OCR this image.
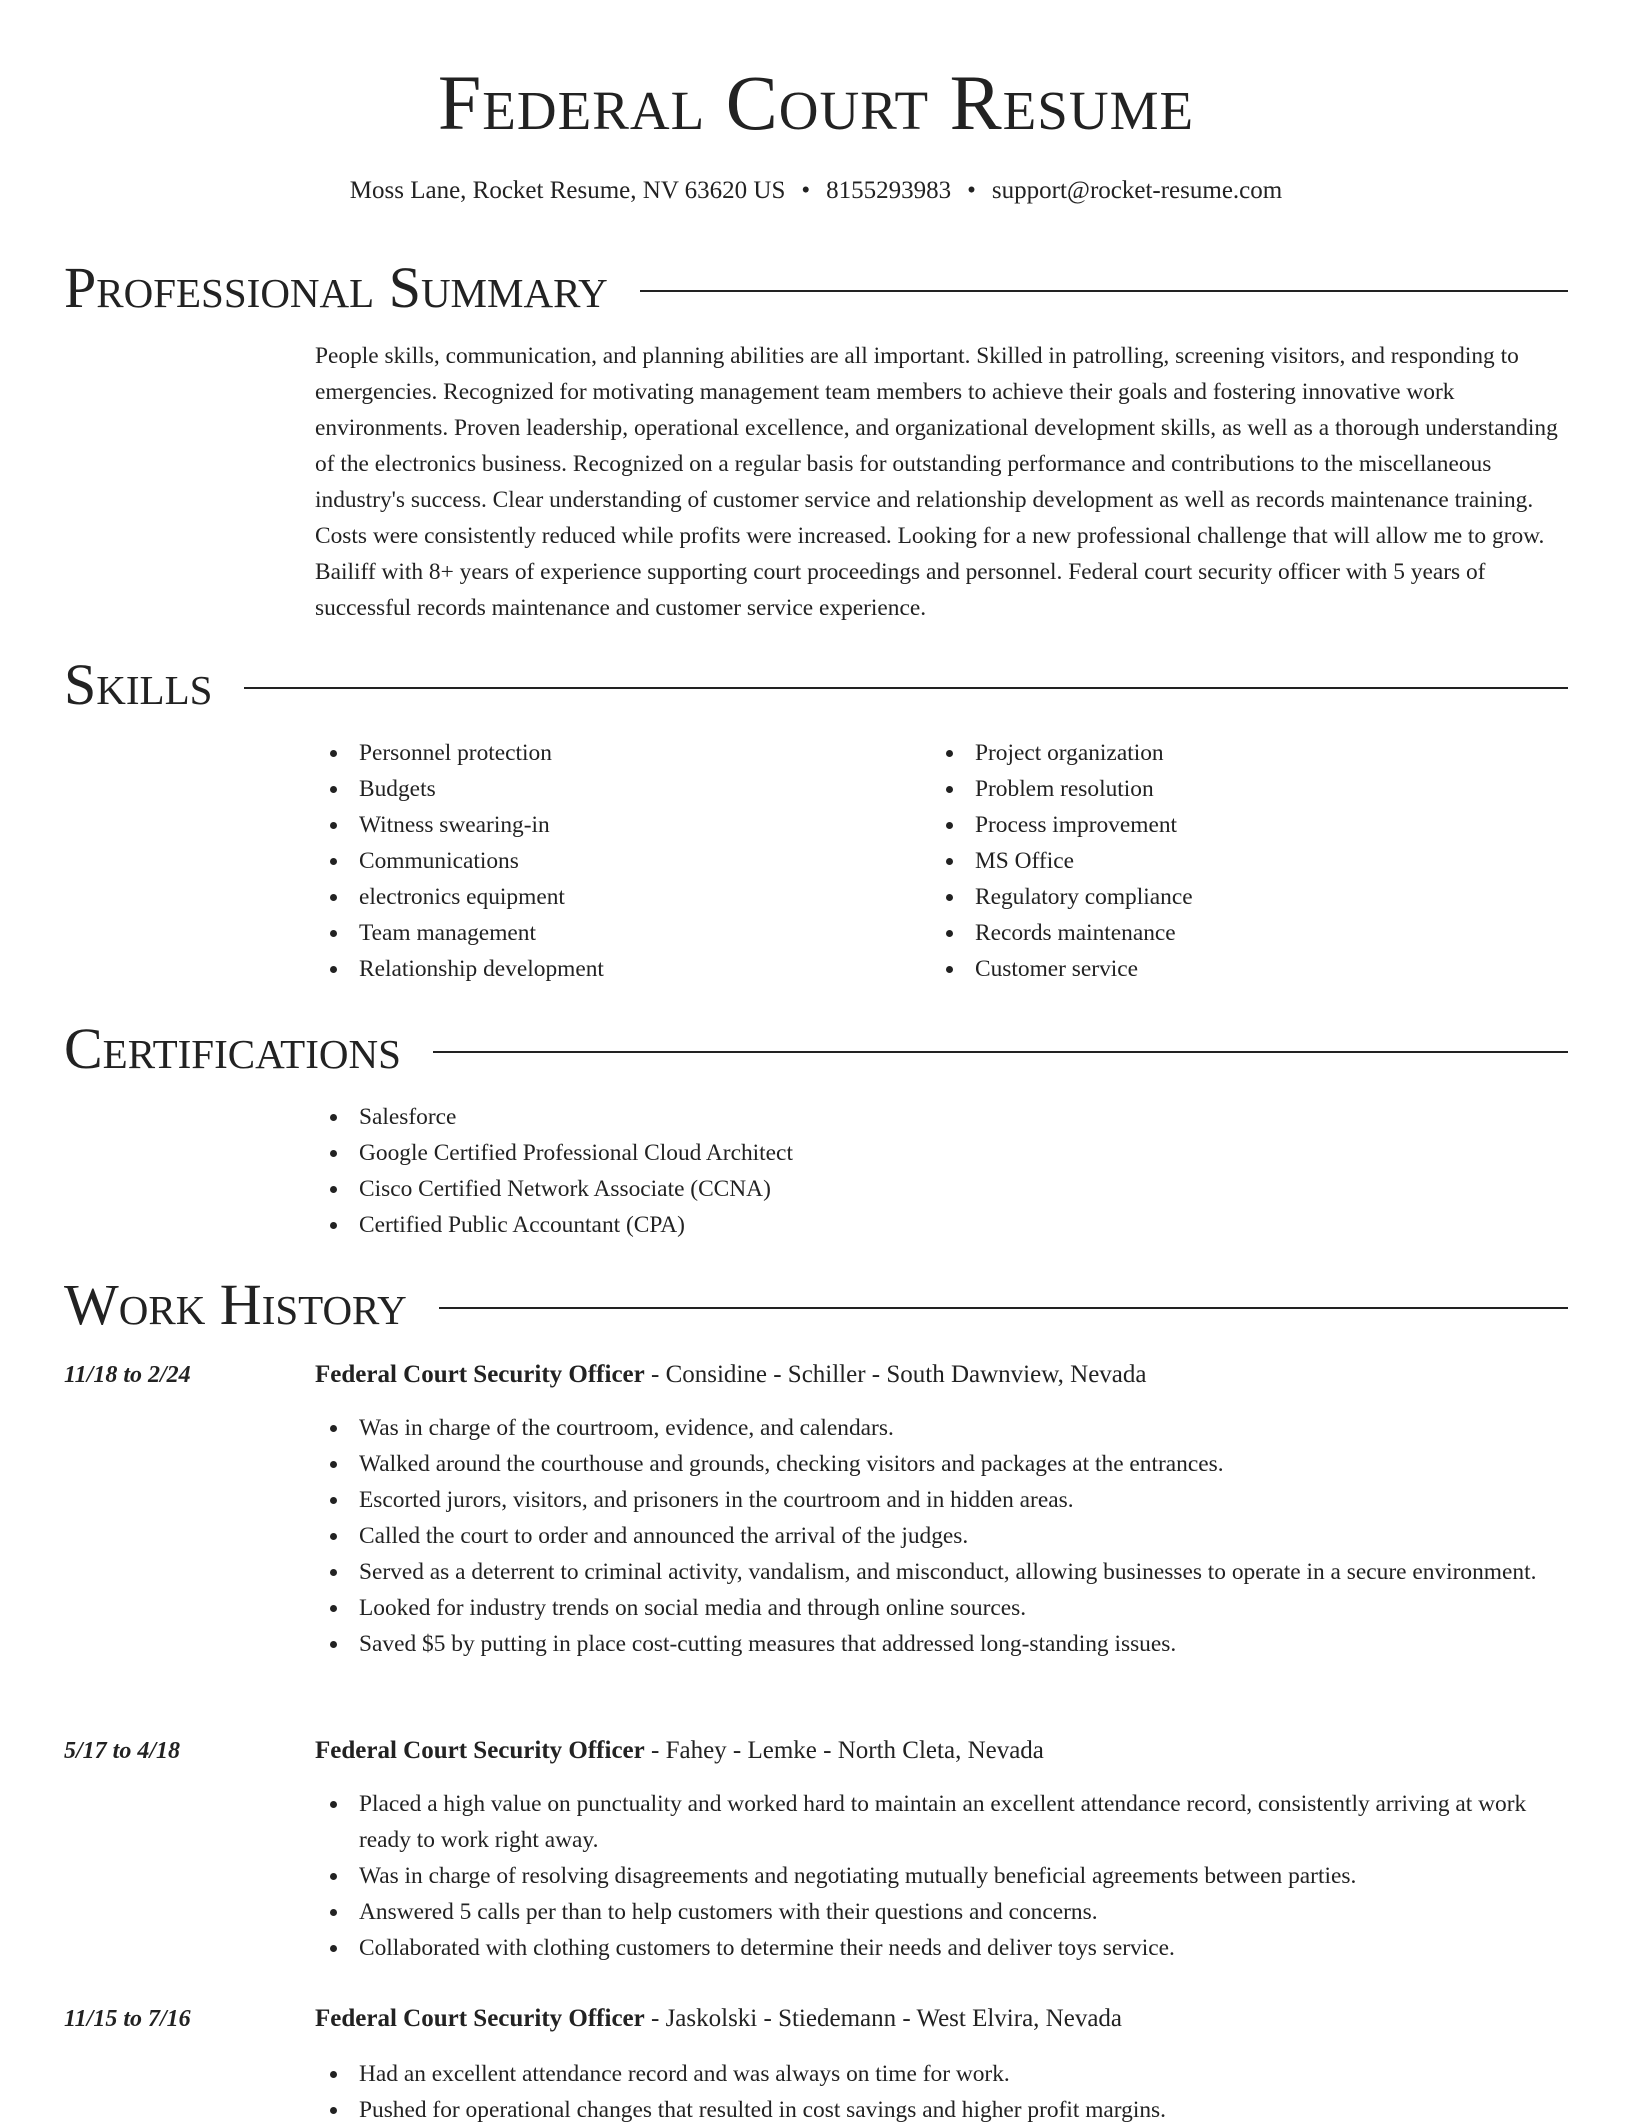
Federal Court Resume
Moss Lane, Rocket Resume, NV 63620 US • 8155293983 • support@rocket-resume.com
Professional Summary

People skills, communication, and planning abilities are all important. Skilled in patrolling, screening visitors, and responding to emergencies. Recognized for motivating management team members to achieve their goals and fostering innovative work environments. Proven leadership, operational excellence, and organizational development skills, as well as a thorough understanding of the electronics business. Recognized on a regular basis for outstanding performance and contributions to the miscellaneous industry's success. Clear understanding of customer service and relationship development as well as records maintenance training. Costs were consistently reduced while profits were increased. Looking for a new professional challenge that will allow me to grow. Bailiff with 8+ years of experience supporting court proceedings and personnel. Federal court security officer with 5 years of successful records maintenance and customer service experience.

Skills
Personnel protection
Budgets
Witness swearing-in
Communications
electronics equipment
Team management
Relationship development
Project organization
Problem resolution
Process improvement
MS Office
Regulatory compliance
Records maintenance
Customer service
Certifications
Salesforce
Google Certified Professional Cloud Architect
Cisco Certified Network Associate (CCNA)
Certified Public Accountant (CPA)
Work History
11/18 to 2/24	Federal Court Security Officer - Considine - Schiller - South Dawnview, Nevada
Was in charge of the courtroom, evidence, and calendars.
Walked around the courthouse and grounds, checking visitors and packages at the entrances.
Escorted jurors, visitors, and prisoners in the courtroom and in hidden areas.
Called the court to order and announced the arrival of the judges.
Served as a deterrent to criminal activity, vandalism, and misconduct, allowing businesses to operate in a secure environment.
Looked for industry trends on social media and through online sources.
Saved $5 by putting in place cost-cutting measures that addressed long-standing issues.
5/17 to 4/18	Federal Court Security Officer - Fahey - Lemke - North Cleta, Nevada
Placed a high value on punctuality and worked hard to maintain an excellent attendance record, consistently arriving at work ready to work right away.
Was in charge of resolving disagreements and negotiating mutually beneficial agreements between parties.
Answered 5 calls per than to help customers with their questions and concerns.
Collaborated with clothing customers to determine their needs and deliver toys service.
11/15 to 7/16	Federal Court Security Officer - Jaskolski - Stiedemann - West Elvira, Nevada
Had an excellent attendance record and was always on time for work.
Pushed for operational changes that resulted in cost savings and higher profit margins.
